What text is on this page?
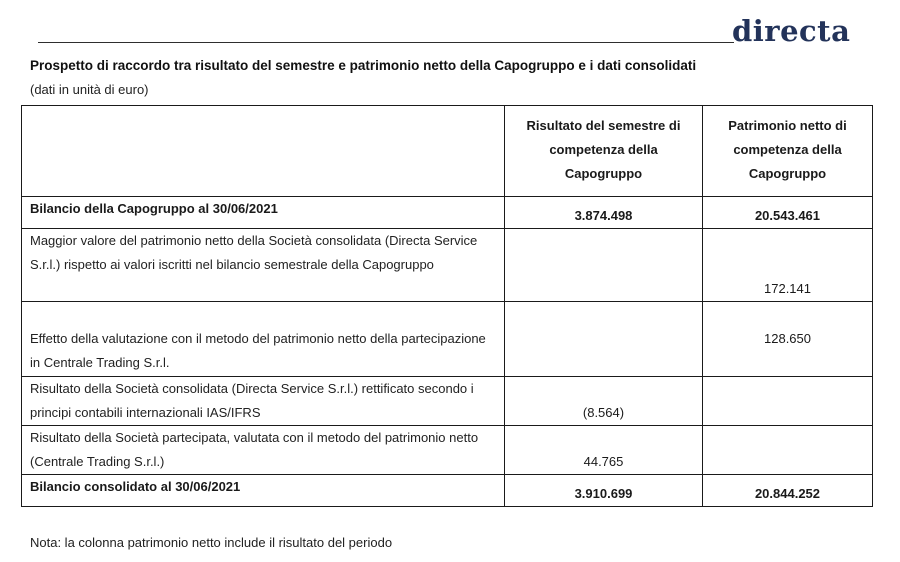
directa
Prospetto di raccordo tra risultato del semestre e patrimonio netto della Capogruppo e i dati consolidati
(dati in unità di euro)
	Risultato del semestre di competenza della Capogruppo	Patrimonio netto di competenza della Capogruppo
Bilancio della Capogruppo al 30/06/2021	3.874.498	20.543.461
Maggior valore del patrimonio netto della Società consolidata (Directa Service S.r.l.) rispetto ai valori iscritti nel bilancio semestrale della Capogruppo		172.141
Effetto della valutazione con il metodo del patrimonio netto della partecipazione in Centrale Trading S.r.l.		128.650
Risultato della Società consolidata (Directa Service S.r.l.) rettificato secondo i principi contabili internazionali IAS/IFRS	(8.564)	
Risultato della Società partecipata, valutata con il metodo del patrimonio netto (Centrale Trading S.r.l.)	44.765	
Bilancio consolidato al 30/06/2021	3.910.699	20.844.252
Nota: la colonna patrimonio netto include il risultato del periodo
